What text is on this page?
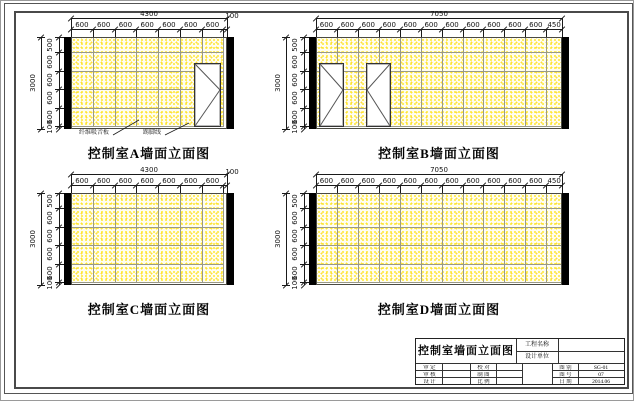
4300
600	600	600	600	600	600	600
100
3000
500
600
600
600
600
100	纤维吸音板	踢脚线
控制室A墙面立面图
7050
600	600	600	600	600	600	600	600	600	600	600 450
3000
500
600
600
600
600
100
控制室B墙面立面图
4300
600	600	600	600	600	600	600
100
3000
500
600
600
600
600
100
控制室C墙面立面图
7050
600	600	600	600	600	600	600	600	600	600	600 450
3000
500
600
600
600
600
100
控制室D墙面立面图
控制室墙面立面图	工程名称
设计单位
审 定	校 对
审 核	制 图
设 计	比 例
图 别	SG-01
图 号	07
日 期	2014.06
